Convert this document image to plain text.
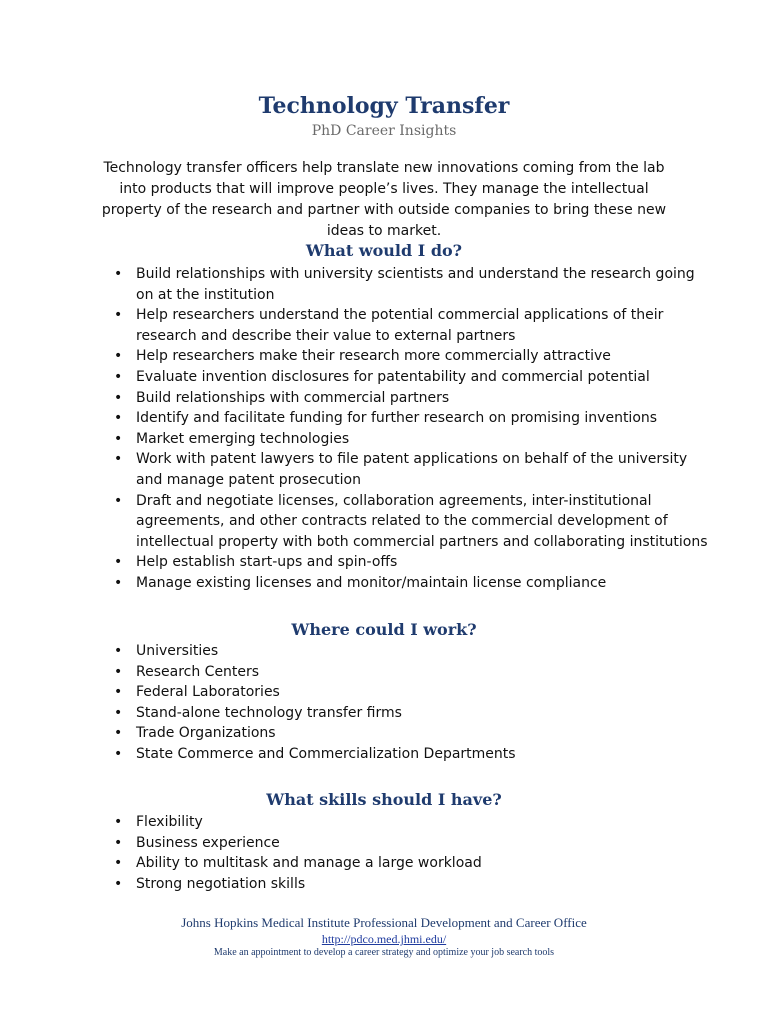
Technology Transfer
PhD Career Insights

Technology transfer officers help translate new innovations coming from the lab into products that will improve people’s lives. They manage the intellectual property of the research and partner with outside companies to bring these new ideas to market.

What would I do?
• Build relationships with university scientists and understand the research going on at the institution
• Help researchers understand the potential commercial applications of their research and describe their value to external partners
• Help researchers make their research more commercially attractive
• Evaluate invention disclosures for patentability and commercial potential
• Build relationships with commercial partners
• Identify and facilitate funding for further research on promising inventions
• Market emerging technologies
• Work with patent lawyers to file patent applications on behalf of the university and manage patent prosecution
• Draft and negotiate licenses, collaboration agreements, inter-institutional agreements, and other contracts related to the commercial development of intellectual property with both commercial partners and collaborating institutions
• Help establish start-ups and spin-offs
• Manage existing licenses and monitor/maintain license compliance
Where could I work?
• Universities
• Research Centers
• Federal Laboratories
• Stand-alone technology transfer firms
• Trade Organizations
• State Commerce and Commercialization Departments
What skills should I have?
• Flexibility
• Business experience
• Ability to multitask and manage a large workload
• Strong negotiation skills
Johns Hopkins Medical Institute Professional Development and Career Office
http://pdco.med.jhmi.edu/
Make an appointment to develop a career strategy and optimize your job search tools
